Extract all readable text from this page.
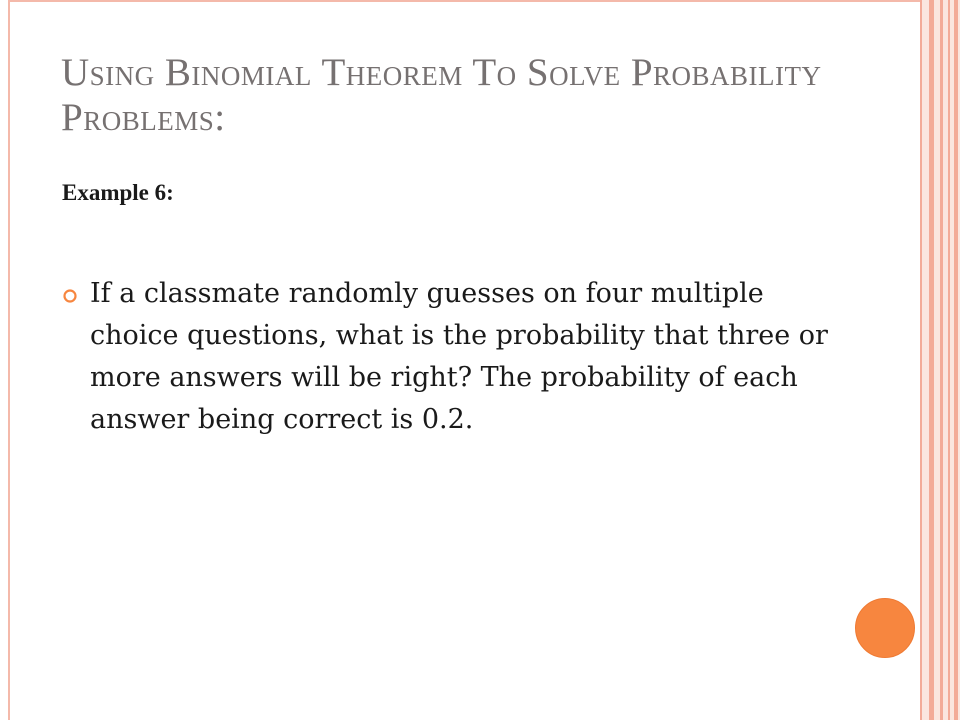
Using Binomial Theorem To Solve Probability Problems:
Example 6:
If a classmate randomly guesses on four multiple choice questions, what is the probability that three or more answers will be right? The probability of each answer being correct is 0.2.
